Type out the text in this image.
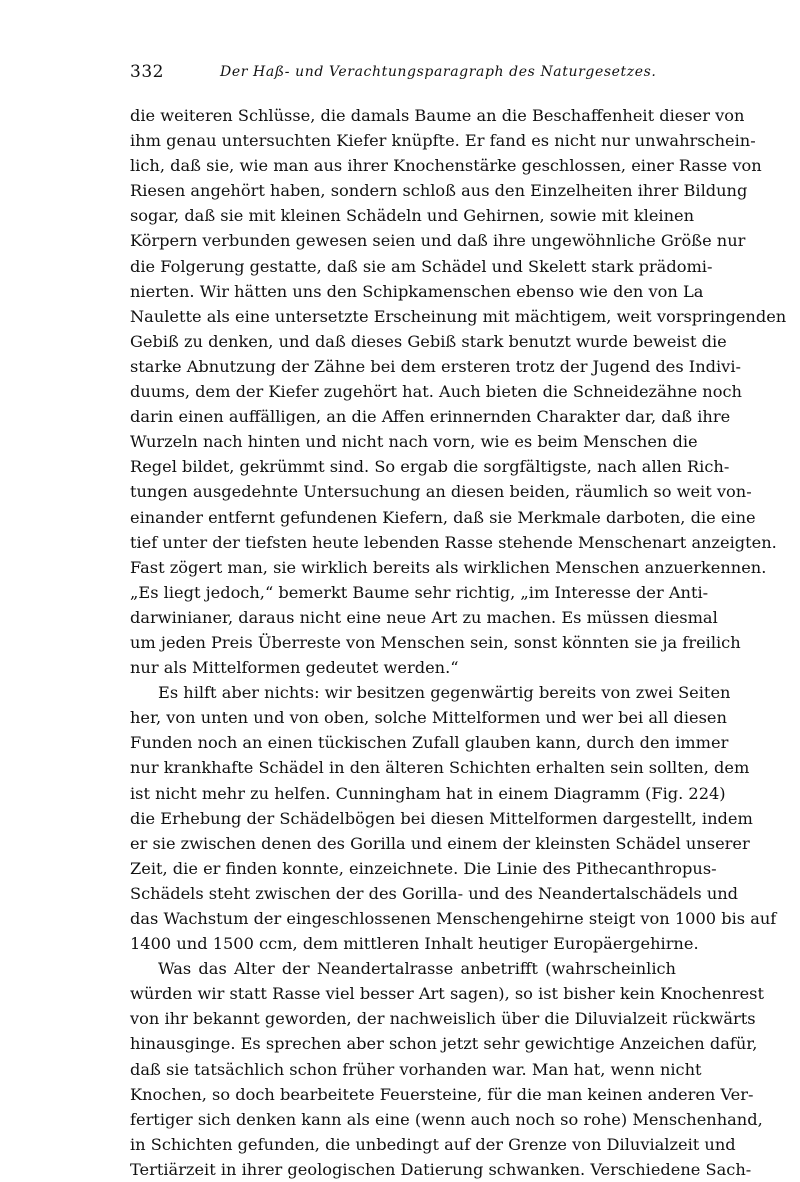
332	Der Haß- und Verachtungsparagraph des Naturgesetzes.
die weiteren Schlüsse, die damals Baume an die Beschaffenheit dieser von
ihm genau untersuchten Kiefer knüpfte. Er fand es nicht nur unwahrschein-
lich, daß sie, wie man aus ihrer Knochenstärke geschlossen, einer Rasse von
Riesen angehört haben, sondern schloß aus den Einzelheiten ihrer Bildung
sogar, daß sie mit kleinen Schädeln und Gehirnen, sowie mit kleinen
Körpern verbunden gewesen seien und daß ihre ungewöhnliche Größe nur
die Folgerung gestatte, daß sie am Schädel und Skelett stark prädomi-
nierten. Wir hätten uns den Schipkamenschen ebenso wie den von La
Naulette als eine untersetzte Erscheinung mit mächtigem, weit vorspringenden
Gebiß zu denken, und daß dieses Gebiß stark benutzt wurde beweist die
starke Abnutzung der Zähne bei dem ersteren trotz der Jugend des Indivi-
duums, dem der Kiefer zugehört hat. Auch bieten die Schneidezähne noch
darin einen auffälligen, an die Affen erinnernden Charakter dar, daß ihre
Wurzeln nach hinten und nicht nach vorn, wie es beim Menschen die
Regel bildet, gekrümmt sind. So ergab die sorgfältigste, nach allen Rich-
tungen ausgedehnte Untersuchung an diesen beiden, räumlich so weit von-
einander entfernt gefundenen Kiefern, daß sie Merkmale darboten, die eine
tief unter der tiefsten heute lebenden Rasse stehende Menschenart anzeigten.
Fast zögert man, sie wirklich bereits als wirklichen Menschen anzuerkennen.
„Es liegt jedoch,“ bemerkt Baume sehr richtig, „im Interesse der Anti-
darwinianer, daraus nicht eine neue Art zu machen. Es müssen diesmal
um jeden Preis Überreste von Menschen sein, sonst könnten sie ja freilich
nur als Mittelformen gedeutet werden.“
Es hilft aber nichts: wir besitzen gegenwärtig bereits von zwei Seiten
her, von unten und von oben, solche Mittelformen und wer bei all diesen
Funden noch an einen tückischen Zufall glauben kann, durch den immer
nur krankhafte Schädel in den älteren Schichten erhalten sein sollten, dem
ist nicht mehr zu helfen. Cunningham hat in einem Diagramm (Fig. 224)
die Erhebung der Schädelbögen bei diesen Mittelformen dargestellt, indem
er sie zwischen denen des Gorilla und einem der kleinsten Schädel unserer
Zeit, die er finden konnte, einzeichnete. Die Linie des Pithecanthropus-
Schädels steht zwischen der des Gorilla- und des Neandertalschädels und
das Wachstum der eingeschlossenen Menschengehirne steigt von 1000 bis auf
1400 und 1500 ccm, dem mittleren Inhalt heutiger Europäergehirne.
Was das Alter der Neandertalrasse anbetrifft (wahrscheinlich
würden wir statt Rasse viel besser Art sagen), so ist bisher kein Knochenrest
von ihr bekannt geworden, der nachweislich über die Diluvialzeit rückwärts
hinausginge. Es sprechen aber schon jetzt sehr gewichtige Anzeichen dafür,
daß sie tatsächlich schon früher vorhanden war. Man hat, wenn nicht
Knochen, so doch bearbeitete Feuersteine, für die man keinen anderen Ver-
fertiger sich denken kann als eine (wenn auch noch so rohe) Menschenhand,
in Schichten gefunden, die unbedingt auf der Grenze von Diluvialzeit und
Tertiärzeit in ihrer geologischen Datierung schwanken. Verschiedene Sach-
